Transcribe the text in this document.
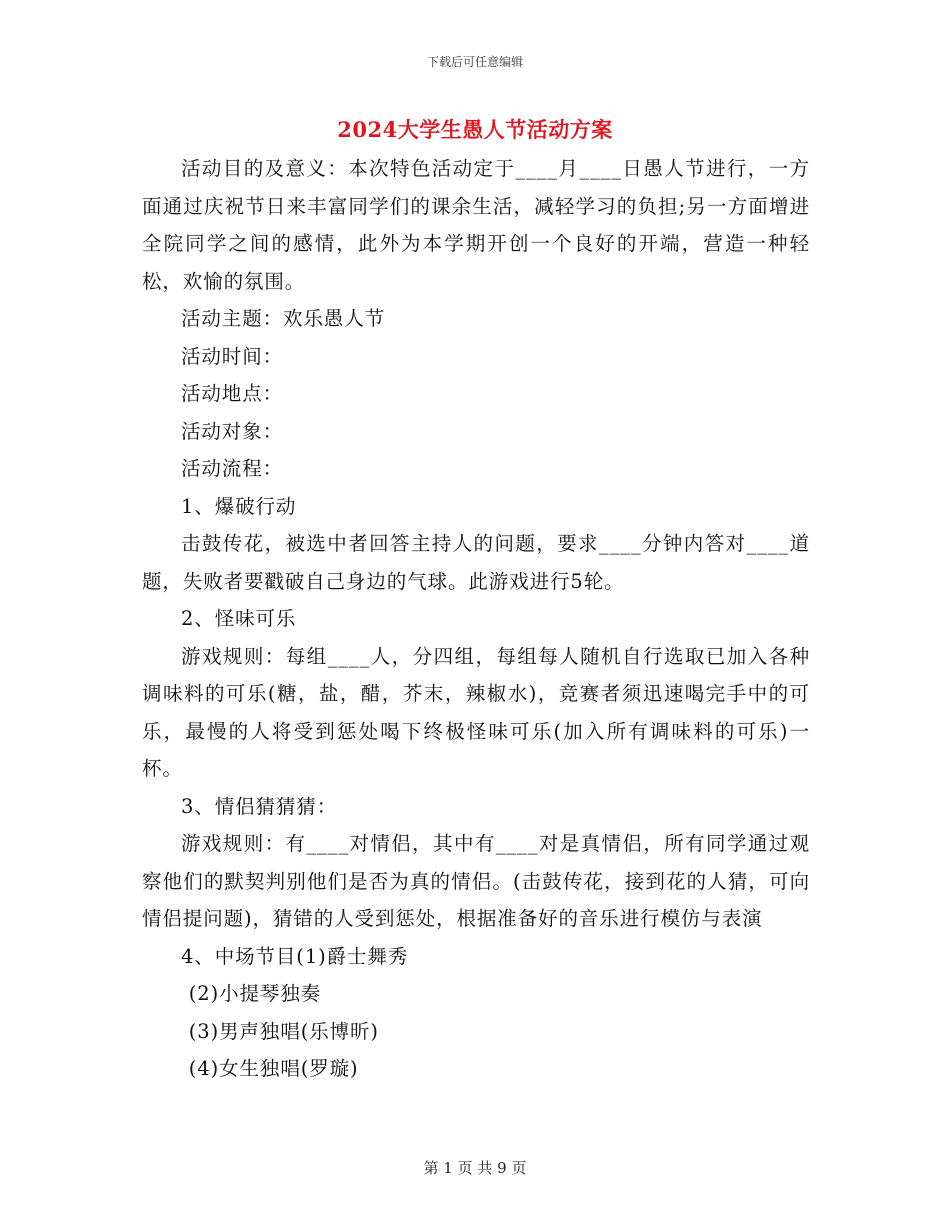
下载后可任意编辑
2024大学生愚人节活动方案

活动目的及意义：本次特色活动定于____月____日愚人节进行，一方面通过庆祝节日来丰富同学们的课余生活，减轻学习的负担;另一方面增进全院同学之间的感情，此外为本学期开创一个良好的开端，营造一种轻松，欢愉的氛围。

活动主题：欢乐愚人节

活动时间：

活动地点：

活动对象：

活动流程：

1、爆破行动

击鼓传花，被选中者回答主持人的问题，要求____分钟内答对____道题，失败者要戳破自己身边的气球。此游戏进行5轮。

2、怪味可乐

游戏规则：每组____人，分四组，每组每人随机自行选取已加入各种调味料的可乐(糖，盐，醋，芥末，辣椒水)，竞赛者须迅速喝完手中的可乐，最慢的人将受到惩处喝下终极怪味可乐(加入所有调味料的可乐)一杯。

3、情侣猜猜猜：

游戏规则：有____对情侣，其中有____对是真情侣，所有同学通过观察他们的默契判别他们是否为真的情侣。(击鼓传花，接到花的人猜，可向情侣提问题)，猜错的人受到惩处，根据准备好的音乐进行模仿与表演

4、中场节目(1)爵士舞秀

(2)小提琴独奏

(3)男声独唱(乐博昕)

(4)女生独唱(罗璇)

第 1 页 共 9 页
